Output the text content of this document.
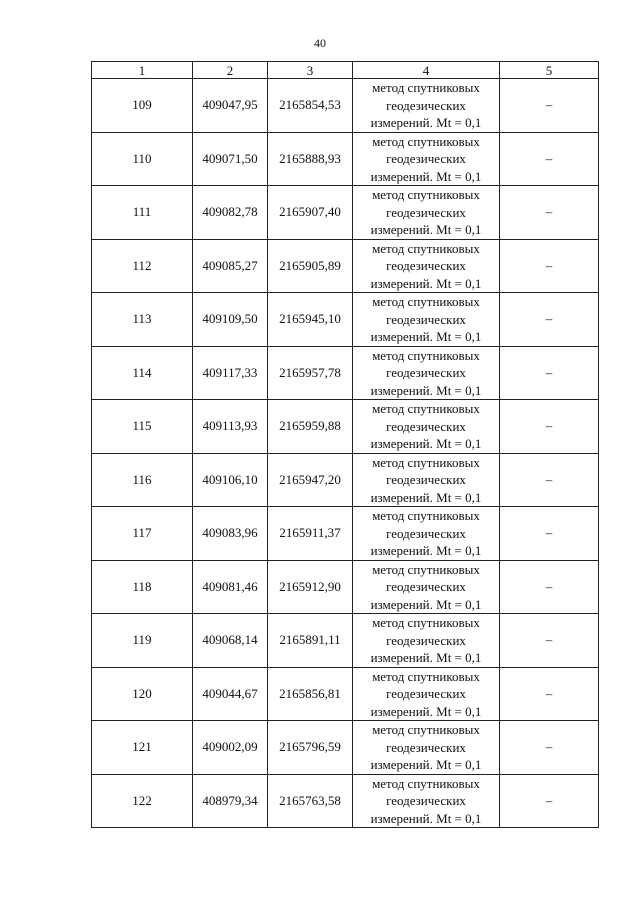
40
1	2	3	4	5
109	409047,95	2165854,53	метод спутниковых
геодезических
измерений. Mt = 0,1	–
110	409071,50	2165888,93	метод спутниковых
геодезических
измерений. Mt = 0,1	–
111	409082,78	2165907,40	метод спутниковых
геодезических
измерений. Mt = 0,1	–
112	409085,27	2165905,89	метод спутниковых
геодезических
измерений. Mt = 0,1	–
113	409109,50	2165945,10	метод спутниковых
геодезических
измерений. Mt = 0,1	–
114	409117,33	2165957,78	метод спутниковых
геодезических
измерений. Mt = 0,1	–
115	409113,93	2165959,88	метод спутниковых
геодезических
измерений. Mt = 0,1	–
116	409106,10	2165947,20	метод спутниковых
геодезических
измерений. Mt = 0,1	–
117	409083,96	2165911,37	метод спутниковых
геодезических
измерений. Mt = 0,1	–
118	409081,46	2165912,90	метод спутниковых
геодезических
измерений. Mt = 0,1	–
119	409068,14	2165891,11	метод спутниковых
геодезических
измерений. Mt = 0,1	–
120	409044,67	2165856,81	метод спутниковых
геодезических
измерений. Mt = 0,1	–
121	409002,09	2165796,59	метод спутниковых
геодезических
измерений. Mt = 0,1	–
122	408979,34	2165763,58	метод спутниковых
геодезических
измерений. Mt = 0,1	–
